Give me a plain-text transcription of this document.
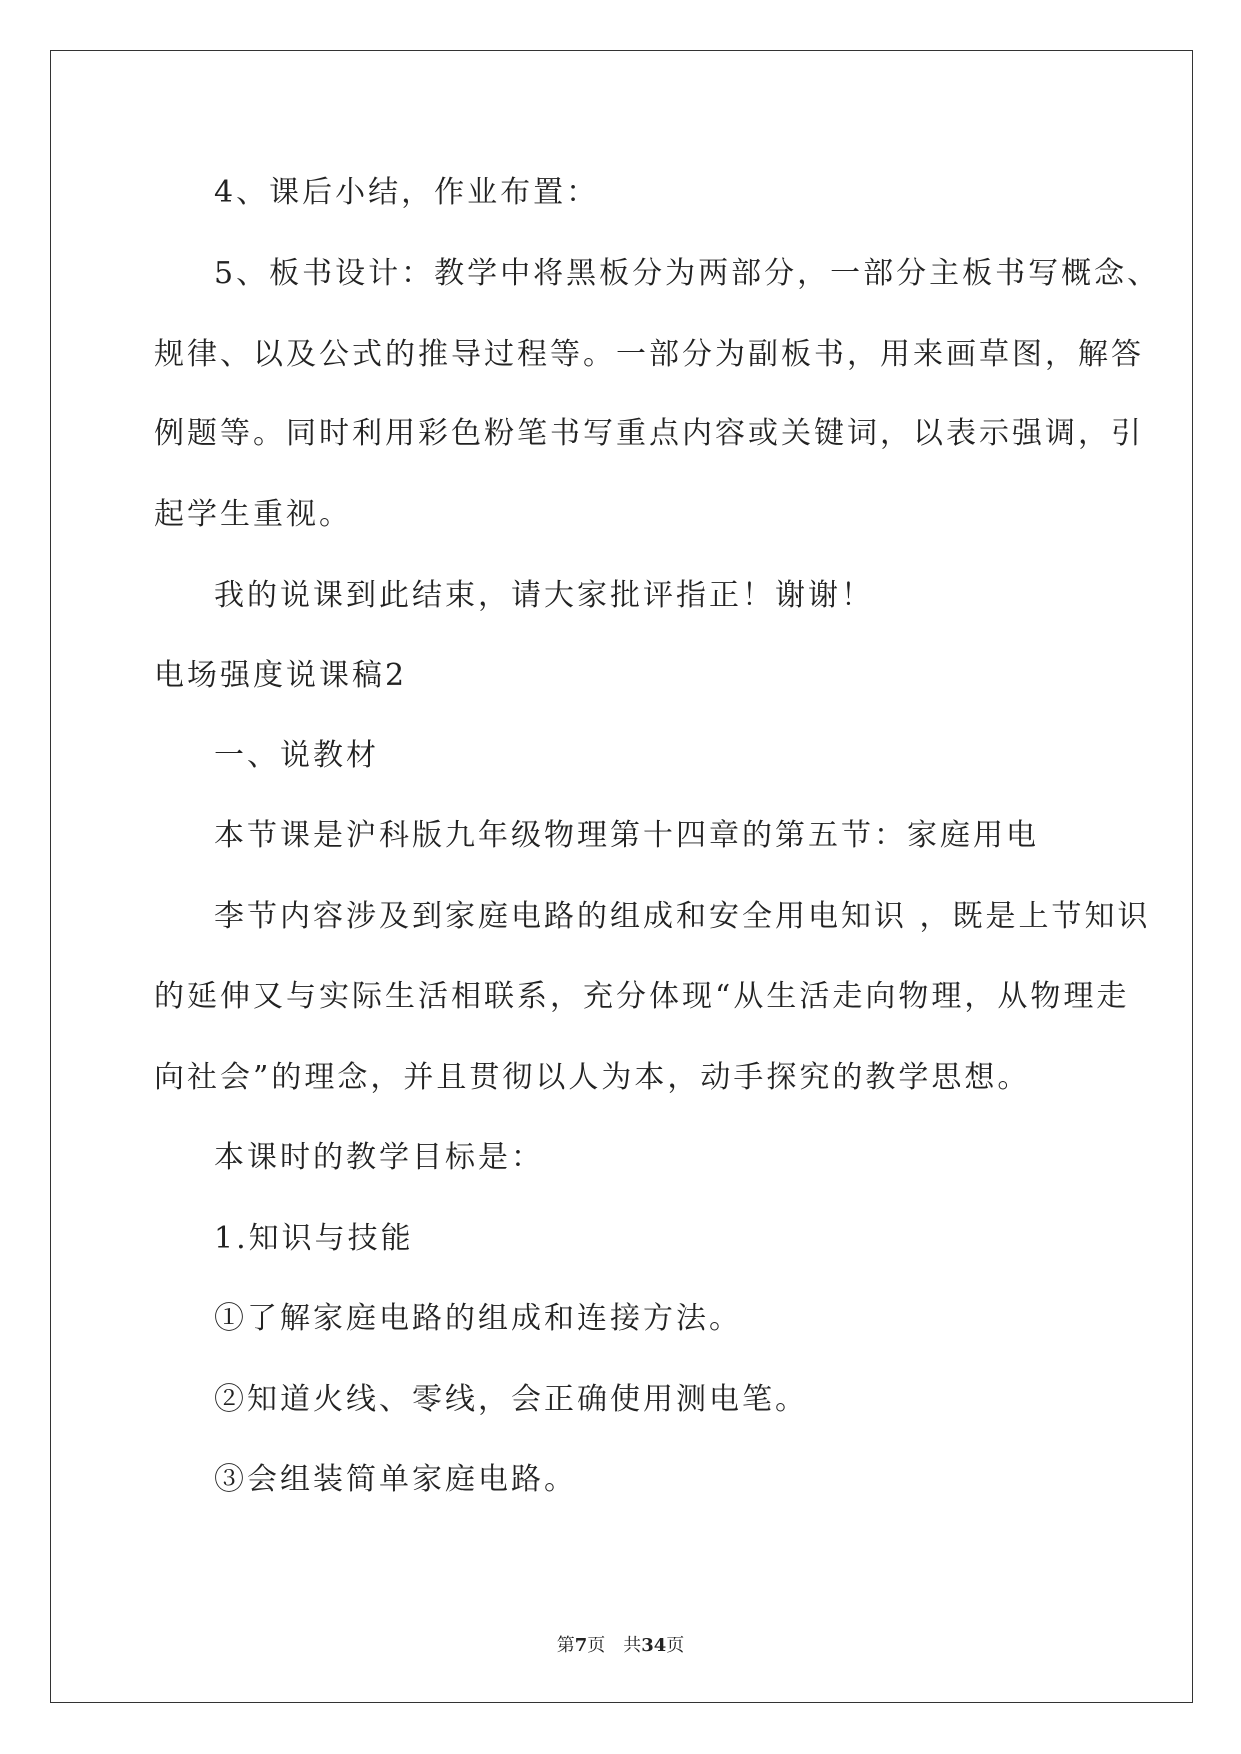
4、课后小结，作业布置：
5、板书设计：教学中将黑板分为两部分，一部分主板书写概念、
规律、以及公式的推导过程等。一部分为副板书，用来画草图，解答
例题等。同时利用彩色粉笔书写重点内容或关键词，以表示强调，引
起学生重视。
我的说课到此结束，请大家批评指正！谢谢！
电场强度说课稿2
一、说教材
本节课是沪科版九年级物理第十四章的第五节：家庭用电
李节内容涉及到家庭电路的组成和安全用电知识 ，既是上节知识
的延伸又与实际生活相联系，充分体现“从生活走向物理，从物理走
向社会”的理念，并且贯彻以人为本，动手探究的教学思想。
本课时的教学目标是：
1.知识与技能
①了解家庭电路的组成和连接方法。
②知道火线、零线，会正确使用测电笔。
③会组装简单家庭电路。
第7页　共34页
